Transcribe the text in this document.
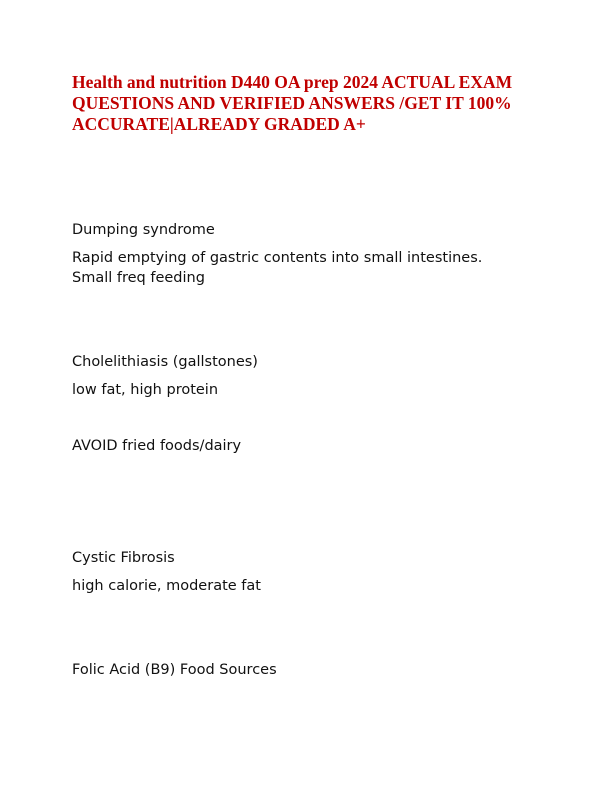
Health and nutrition D440 OA prep 2024 ACTUAL EXAM QUESTIONS AND VERIFIED ANSWERS /GET IT 100% ACCURATE|ALREADY GRADED A+

Dumping syndrome

Rapid emptying of gastric contents into small intestines.
Small freq feeding

Cholelithiasis (gallstones)

low fat, high protein

AVOID fried foods/dairy

Cystic Fibrosis

high calorie, moderate fat

Folic Acid (B9) Food Sources
